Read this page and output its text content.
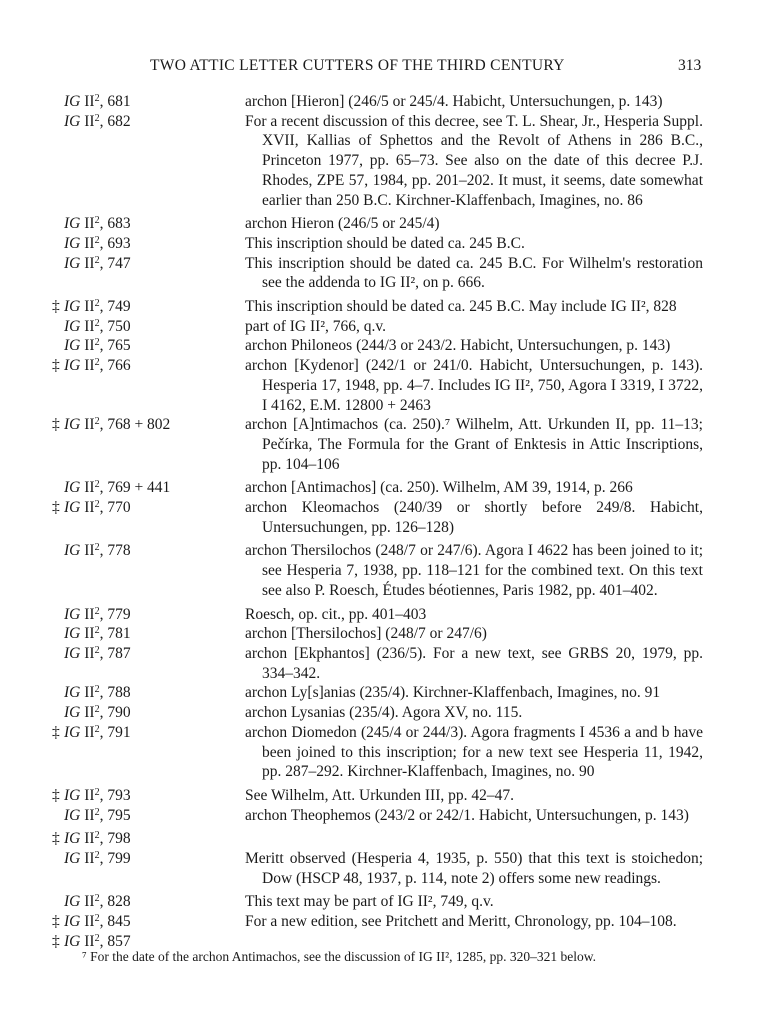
TWO ATTIC LETTER CUTTERS OF THE THIRD CENTURY	313
IG II$^2$, 681	archon [Hieron] (246/5 or 245/4. Habicht, Untersuchungen, p. 143)
IG II$^2$, 682	For a recent discussion of this decree, see T. L. Shear, Jr., Hesperia Suppl. XVII, Kallias of Sphettos and the Revolt of Athens in 286 B.C., Princeton 1977, pp. 65–73. See also on the date of this decree P.J. Rhodes, ZPE 57, 1984, pp. 201–202. It must, it seems, date somewhat earlier than 250 B.C. Kirchner-Klaffenbach, Imagines, no. 86
IG II$^2$, 683	archon Hieron (246/5 or 245/4)
IG II$^2$, 693	This inscription should be dated ca. 245 B.C.
IG II$^2$, 747	This inscription should be dated ca. 245 B.C. For Wilhelm's restoration see the addenda to IG II², on p. 666.
‡ IG II$^2$, 749	This inscription should be dated ca. 245 B.C. May include IG II², 828
IG II$^2$, 750	part of IG II², 766, q.v.
IG II$^2$, 765	archon Philoneos (244/3 or 243/2. Habicht, Untersuchungen, p. 143)
‡ IG II$^2$, 766	archon [Kydenor] (242/1 or 241/0. Habicht, Untersuchungen, p. 143). Hesperia 17, 1948, pp. 4–7. Includes IG II², 750, Agora I 3319, I 3722, I 4162, E.M. 12800 + 2463
‡ IG II$^2$, 768 + 802	archon [A]ntimachos (ca. 250).⁷ Wilhelm, Att. Urkunden II, pp. 11–13; Pečírka, The Formula for the Grant of Enktesis in Attic Inscriptions, pp. 104–106
IG II$^2$, 769 + 441	archon [Antimachos] (ca. 250). Wilhelm, AM 39, 1914, p. 266
‡ IG II$^2$, 770	archon Kleomachos (240/39 or shortly before 249/8. Habicht, Untersuchungen, pp. 126–128)
IG II$^2$, 778	archon Thersilochos (248/7 or 247/6). Agora I 4622 has been joined to it; see Hesperia 7, 1938, pp. 118–121 for the combined text. On this text see also P. Roesch, Études béotiennes, Paris 1982, pp. 401–402.
IG II$^2$, 779	Roesch, op. cit., pp. 401–403
IG II$^2$, 781	archon [Thersilochos] (248/7 or 247/6)
IG II$^2$, 787	archon [Ekphantos] (236/5). For a new text, see GRBS 20, 1979, pp. 334–342.
IG II$^2$, 788	archon Ly[s]anias (235/4). Kirchner-Klaffenbach, Imagines, no. 91
IG II$^2$, 790	archon Lysanias (235/4). Agora XV, no. 115.
‡ IG II$^2$, 791	archon Diomedon (245/4 or 244/3). Agora fragments I 4536 a and b have been joined to this inscription; for a new text see Hesperia 11, 1942, pp. 287–292. Kirchner-Klaffenbach, Imagines, no. 90
‡ IG II$^2$, 793	See Wilhelm, Att. Urkunden III, pp. 42–47.
IG II$^2$, 795	archon Theophemos (243/2 or 242/1. Habicht, Untersuchungen, p. 143)
‡ IG II$^2$, 798

IG II$^2$, 799	Meritt observed (Hesperia 4, 1935, p. 550) that this text is stoichedon; Dow (HSCP 48, 1937, p. 114, note 2) offers some new readings.
IG II$^2$, 828	This text may be part of IG II², 749, q.v.
‡ IG II$^2$, 845	For a new edition, see Pritchett and Meritt, Chronology, pp. 104–108.
‡ IG II$^2$, 857

⁷ For the date of the archon Antimachos, see the discussion of IG II², 1285, pp. 320–321 below.
